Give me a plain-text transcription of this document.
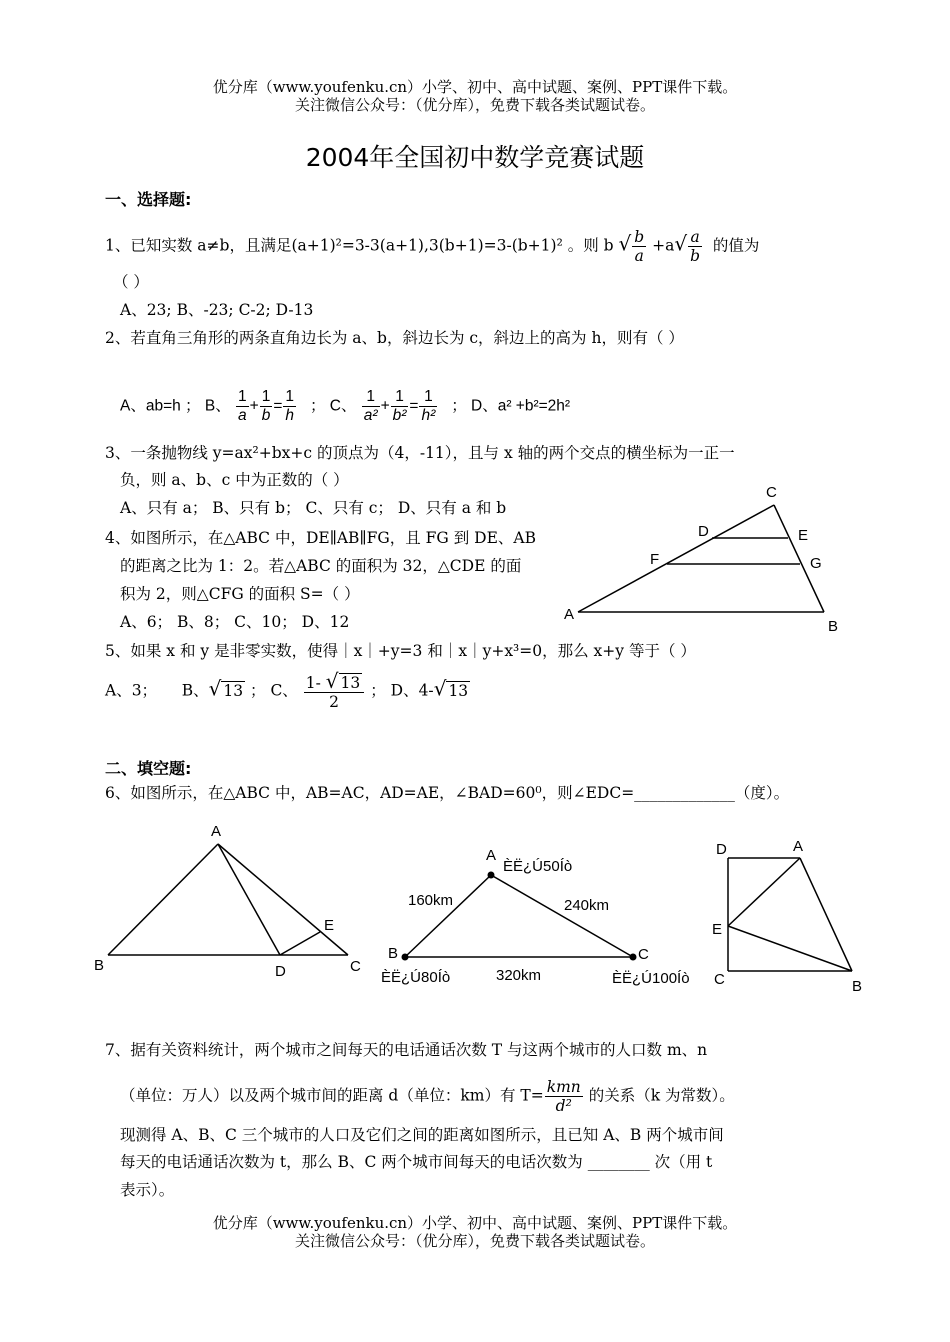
优分库（www.youfenku.cn）小学、初中、高中试题、案例、PPT课件下载。
关注微信公众号：（优分库），免费下载各类试题试卷。
2004年全国初中数学竞赛试题
一、选择题:
1、已知实数 a≠b，且满足(a+1)²=3-3(a+1),3(b+1)=3-(b+1)² 。则 b √ $\frac{b}{a} +a√ \frac{a}{b}$ 的值为
（ ）
A、23; B、-23; C-2; D-13
2、若直角三角形的两条直角边长为 a、b，斜边长为 c，斜边上的高为 h，则有（ ）
A、ab=h ； B、 $\frac{1}{a} + \frac{1}{b} = \frac{1}{h}$ ； C、 $\frac{1}{\text{a²}} + \frac{1}{\text{b²}} = \frac{1}{\text{h²}}$ ； D、a² +b²=2h²
3、一条抛物线 y=ax²+bx+c 的顶点为（4，-11），且与 x 轴的两个交点的横坐标为一正一
负，则 a、b、c 中为正数的（ ）
A、只有 a； B、只有 b； C、只有 c； D、只有 a 和 b
4、如图所示，在△ABC 中，DE∥AB∥FG，且 FG 到 DE、AB
的距离之比为 1：2。若△ABC 的面积为 32，△CDE 的面
积为 2，则△CFG 的面积 S=（ ）
A、6； B、8； C、10； D、12
C
D	E
F	G
A
B
5、如果 x 和 y 是非零实数，使得｜x｜+y=3 和｜x｜y+x³=0，那么 x+y 等于（ ）
A、3； B、√ 13 ； C、 $\frac{1- √ 13}{2}$ ； D、4-√ 13
二、填空题:
6、如图所示，在△ABC 中，AB=AC，AD=AE，∠BAD=60⁰，则∠EDC=_____________（度）。
A
B	C
D
E
A
ÈË¿Ú50Íò
B
ÈË¿Ú80Íò
C
ÈË¿Ú100Íò
160km	240km
320km
D	A
E
C	B
7、据有关资料统计，两个城市之间每天的电话通话次数 T 与这两个城市的人口数 m、n
（单位：万人）以及两个城市间的距离 d（单位：km）有 $T= \frac{\text{kmn}}{\text{d²}}$ 的关系（k 为常数）。
现测得 A、B、C 三个城市的人口及它们之间的距离如图所示，且已知 A、B 两个城市间
每天的电话通话次数为 t，那么 B、C 两个城市间每天的电话次数为 ________ 次（用 t
表示）。
优分库（www.youfenku.cn）小学、初中、高中试题、案例、PPT课件下载。
关注微信公众号：（优分库），免费下载各类试题试卷。
